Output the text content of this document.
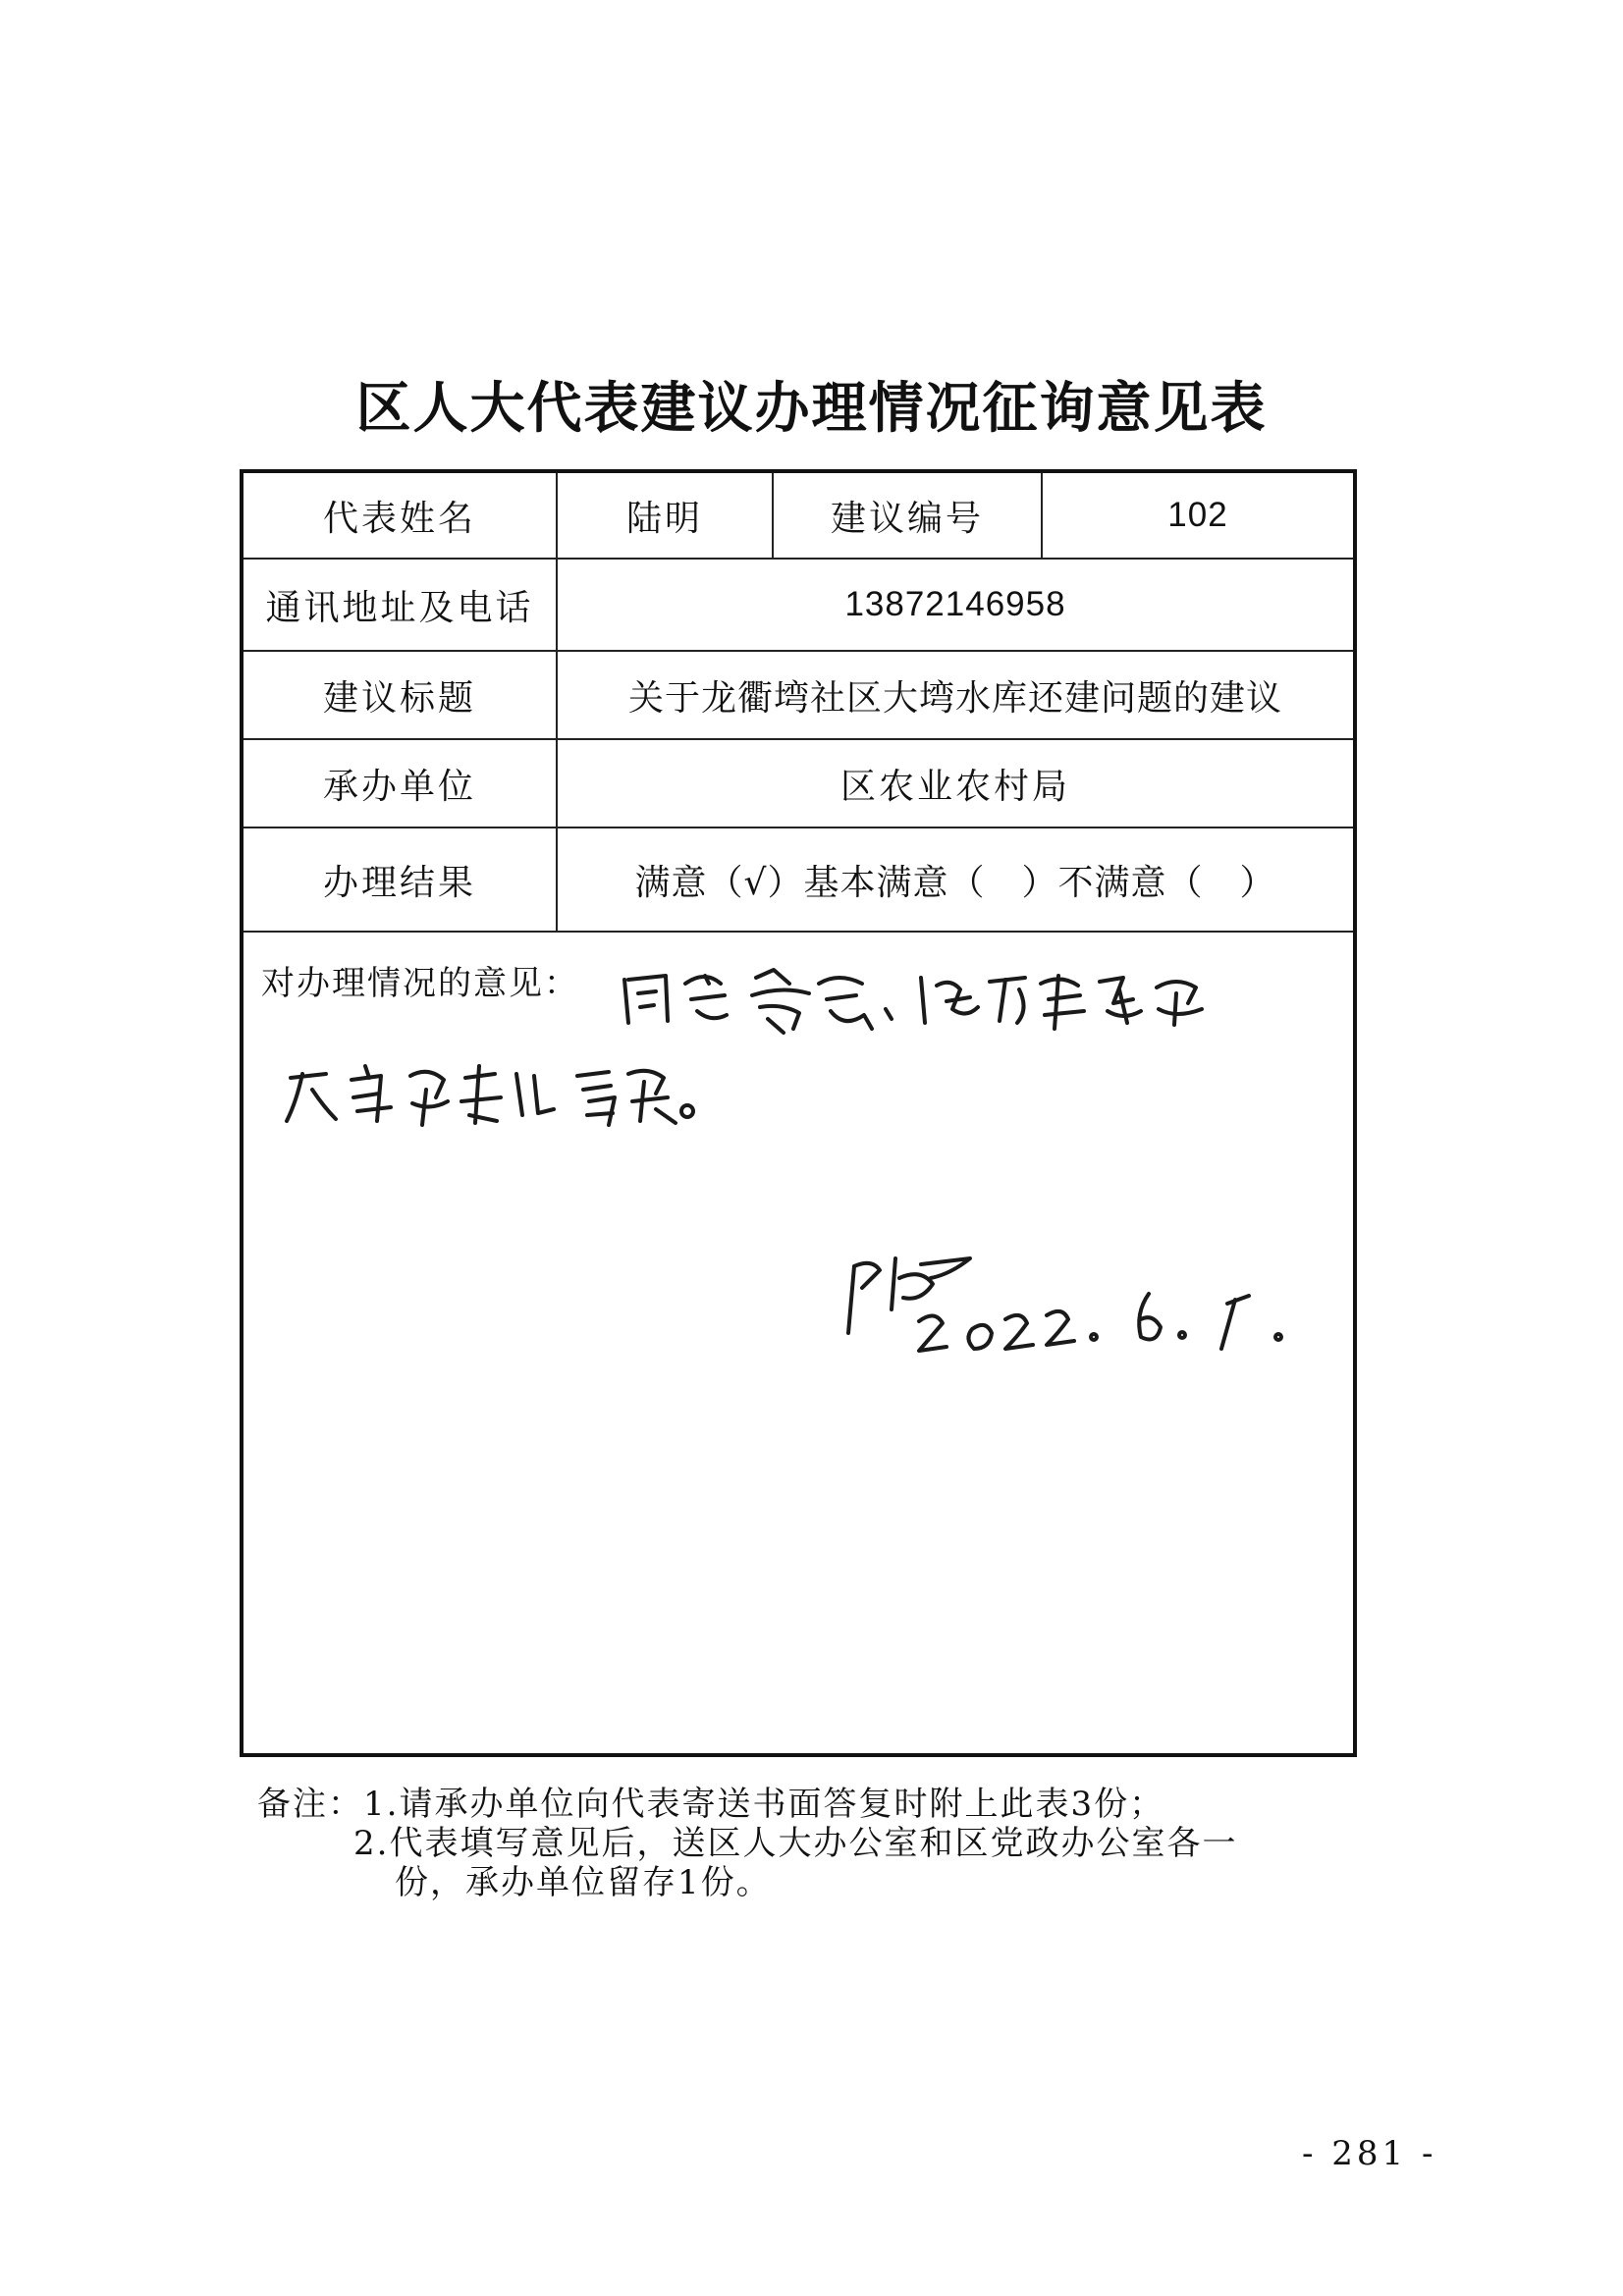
区人大代表建议办理情况征询意见表
代表姓名	陆明	建议编号	102
通讯地址及电话	13872146958
建议标题	关于龙衢塆社区大塆水库还建问题的建议
承办单位	区农业农村局
办理结果	满意（√）基本满意（　）不满意（　）
对办理情况的意见：
备注：1.请承办单位向代表寄送书面答复时附上此表3份；
2.代表填写意见后，送区人大办公室和区党政办公室各一
份，承办单位留存1份。
- 281 -
